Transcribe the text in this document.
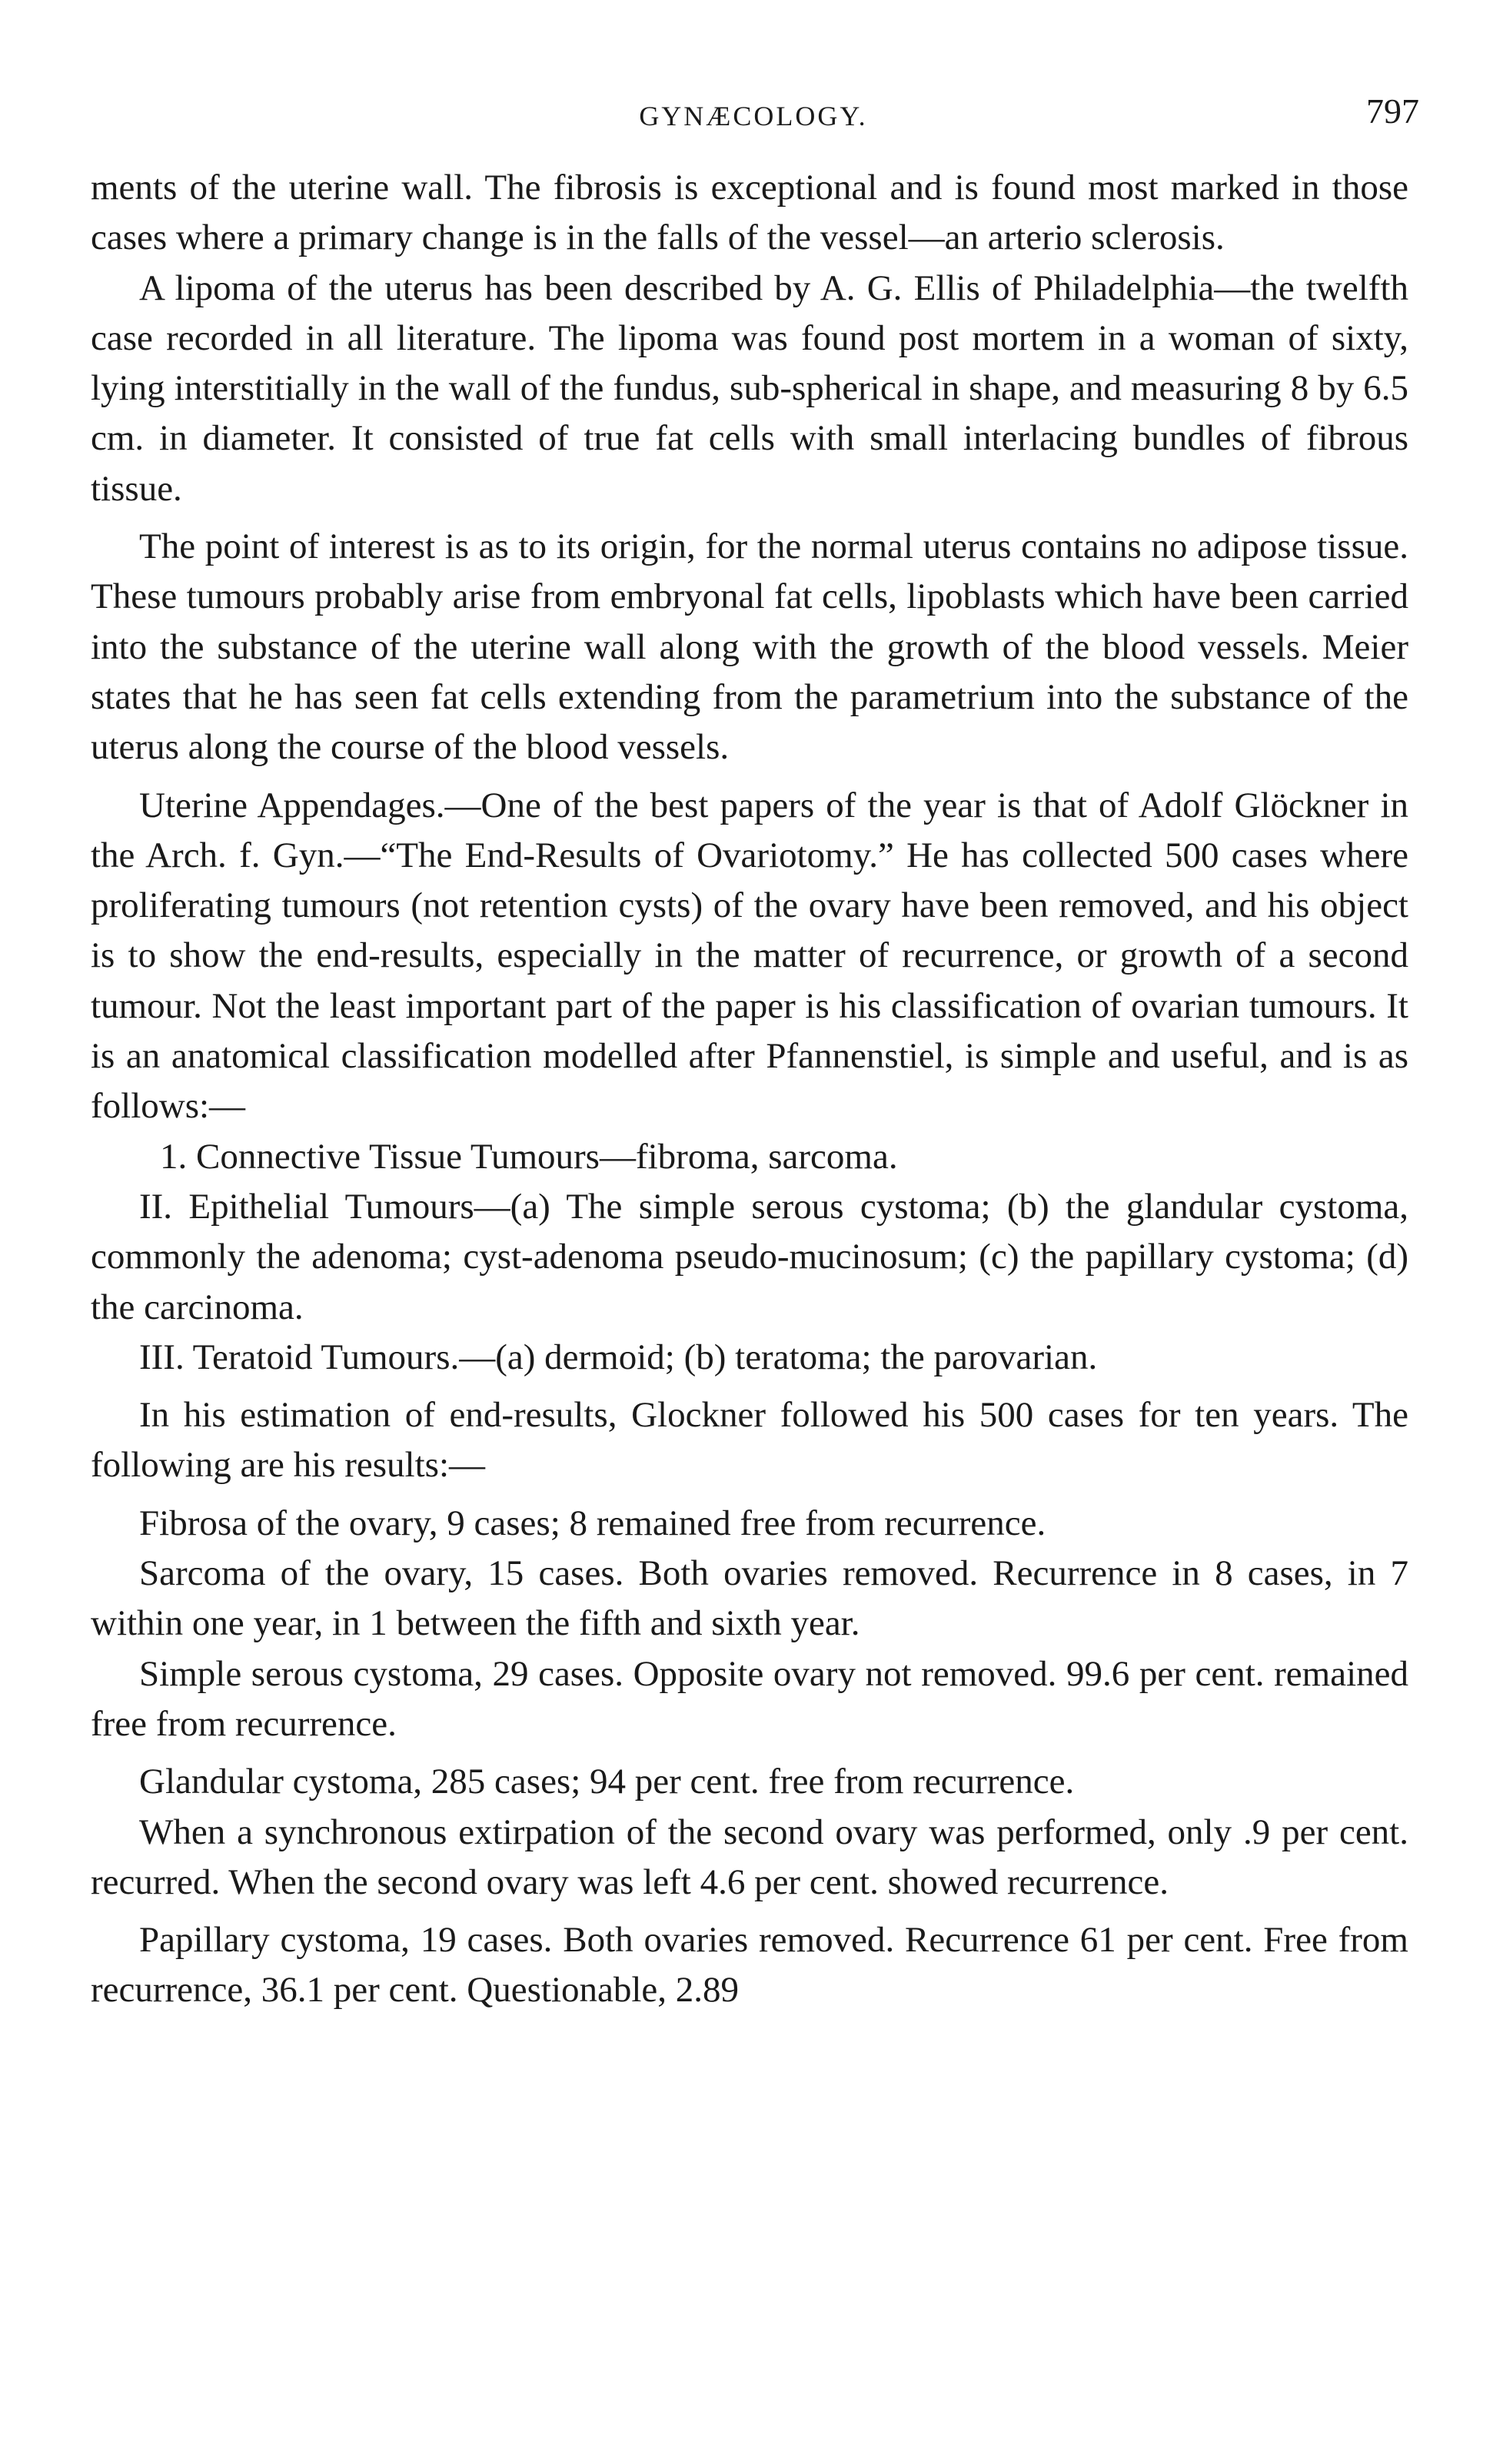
GYNÆCOLOGY.	797

ments of the uterine wall. The fibrosis is exceptional and is found most marked in those cases where a primary change is in the falls of the vessel—an arterio sclerosis.

A lipoma of the uterus has been described by A. G. Ellis of Philadelphia—the twelfth case recorded in all literature. The lipoma was found post mortem in a woman of sixty, lying interstitially in the wall of the fundus, sub-spherical in shape, and measuring 8 by 6.5 cm. in diameter. It consisted of true fat cells with small interlacing bundles of fibrous tissue.

The point of interest is as to its origin, for the normal uterus contains no adipose tissue. These tumours probably arise from embryonal fat cells, lipoblasts which have been carried into the substance of the uterine wall along with the growth of the blood vessels. Meier states that he has seen fat cells extending from the parametrium into the substance of the uterus along the course of the blood vessels.

Uterine Appendages.—One of the best papers of the year is that of Adolf Glöckner in the Arch. f. Gyn.—“The End-Results of Ovariotomy.” He has collected 500 cases where proliferating tumours (not retention cysts) of the ovary have been removed, and his object is to show the end-results, especially in the matter of recurrence, or growth of a second tumour. Not the least important part of the paper is his classification of ovarian tumours. It is an anatomical classification modelled after Pfannenstiel, is simple and useful, and is as follows:—

1. Connective Tissue Tumours—fibroma, sarcoma.

II. Epithelial Tumours—(a) The simple serous cystoma; (b) the glandular cystoma, commonly the adenoma; cyst-adenoma pseudo-mucinosum; (c) the papillary cystoma; (d) the carcinoma.

III. Teratoid Tumours.—(a) dermoid; (b) teratoma; the parovarian.

In his estimation of end-results, Glockner followed his 500 cases for ten years. The following are his results:—

Fibrosa of the ovary, 9 cases; 8 remained free from recurrence.

Sarcoma of the ovary, 15 cases. Both ovaries removed. Recurrence in 8 cases, in 7 within one year, in 1 between the fifth and sixth year.

Simple serous cystoma, 29 cases. Opposite ovary not removed. 99.6 per cent. remained free from recurrence.

Glandular cystoma, 285 cases; 94 per cent. free from recurrence.

When a synchronous extirpation of the second ovary was performed, only .9 per cent. recurred. When the second ovary was left 4.6 per cent. showed recurrence.

Papillary cystoma, 19 cases. Both ovaries removed. Recurrence 61 per cent. Free from recurrence, 36.1 per cent. Questionable, 2.89
